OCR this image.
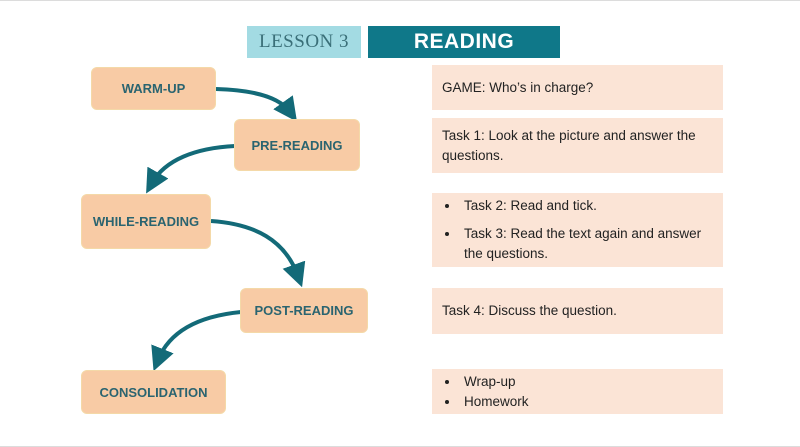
LESSON 3	READING
WARM-UP
PRE-READING
WHILE-READING
POST-READING
CONSOLIDATION
GAME: Who’s in charge?
Task 1: Look at the picture and answer the questions.
• Task 2: Read and tick.
• Task 3: Read the text again and answer the questions.
Task 4: Discuss the question.
• Wrap-up
• Homework
